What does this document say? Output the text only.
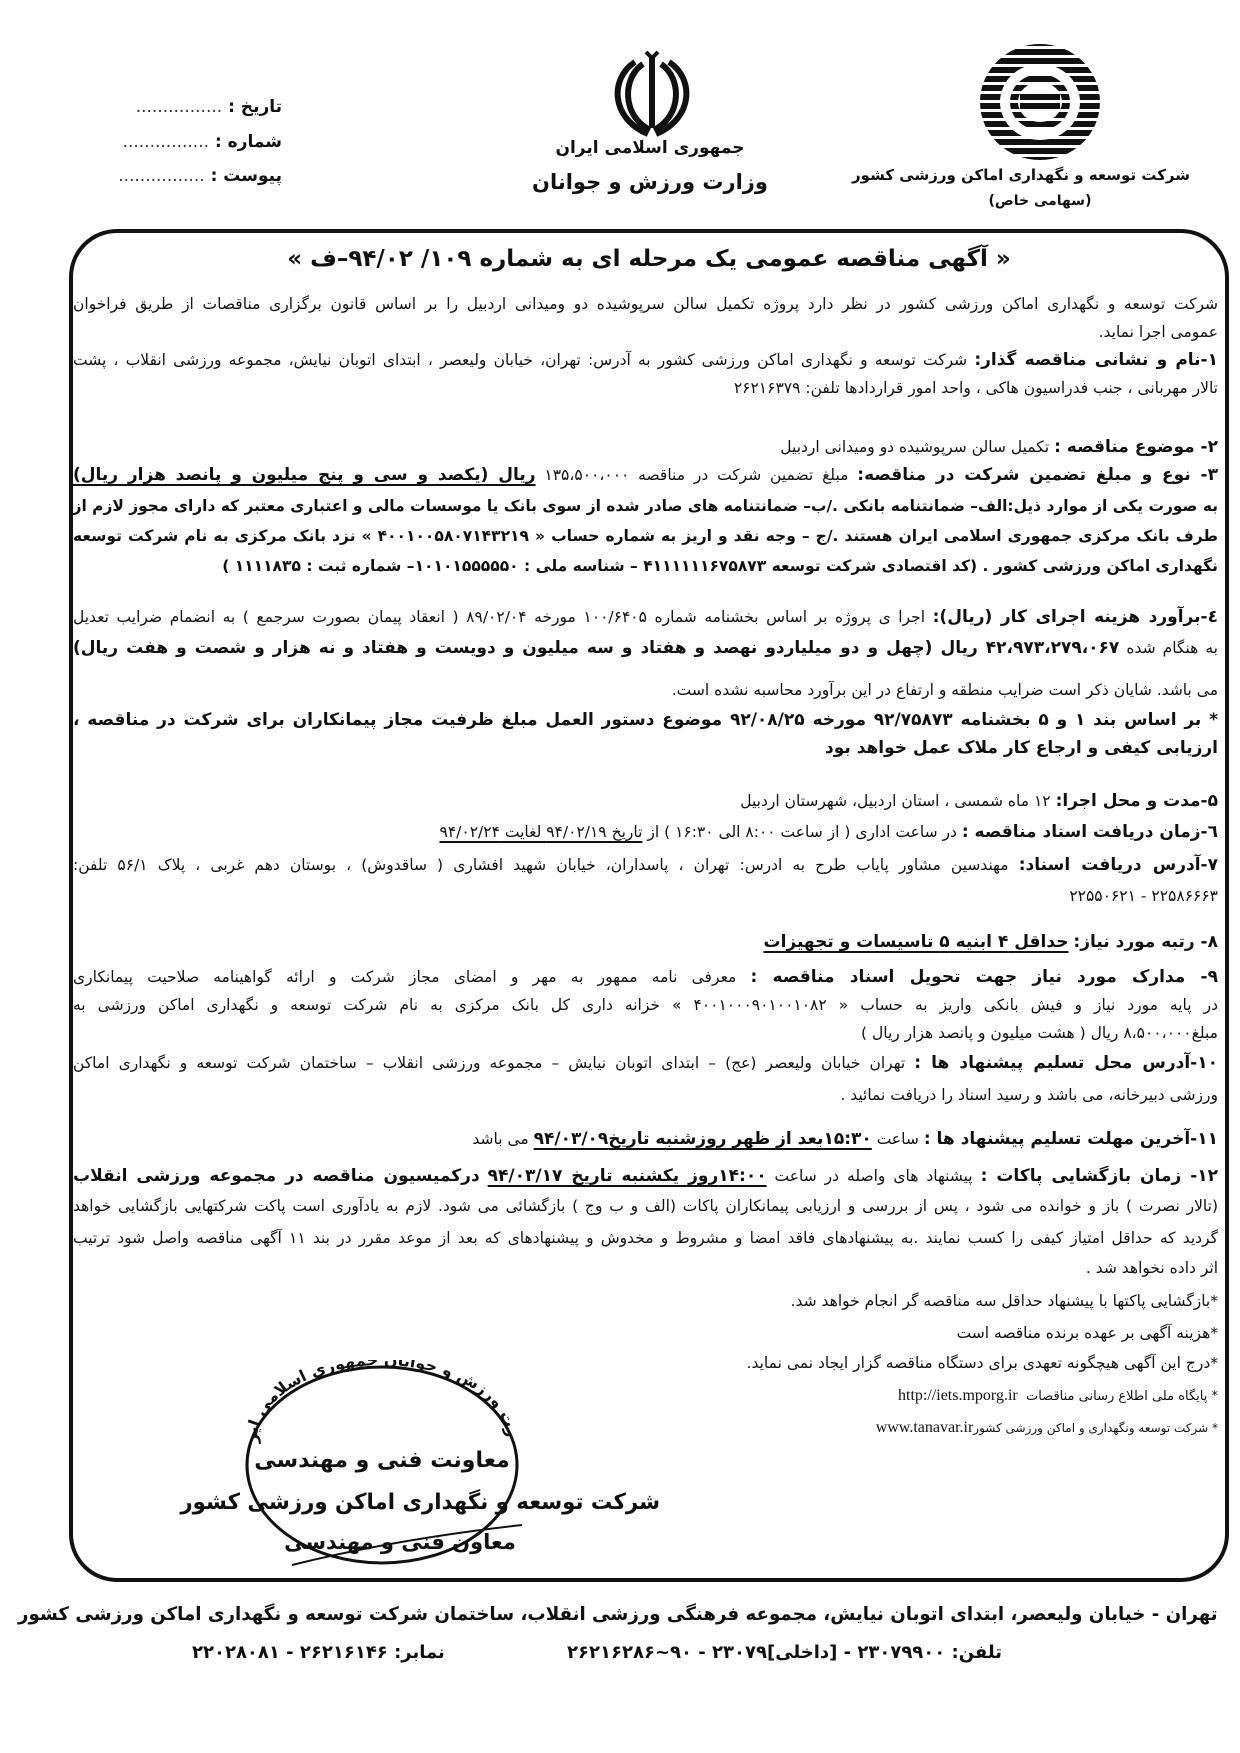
شرکت توسعه و نگهداری اماکن ورزشی کشور
(سهامی خاص)
جمهوری اسلامی ایران
وزارت ورزش و جوانان
تاریخ : ................
شماره : ................
پیوست : ................
« آگهی مناقصه عمومی یک مرحله ای به شماره ۱۰۹/ ۹۴/۰۲–ف »
شرکت توسعه و نگهداری اماکن ورزشی کشور در نظر دارد پروژه تکمیل سالن سرپوشیده دو ومیدانی اردبیل را بر اساس قانون برگزاری مناقصات از طریق فراخوان
عمومی اجرا نماید.
۱-نام و نشانی مناقصه گذار: شرکت توسعه و نگهداری اماکن ورزشی کشور به آدرس: تهران، خیابان ولیعصر ، ابتدای اتوبان نیایش، مجموعه ورزشی انقلاب ، پشت
تالار مهربانی ، جنب فدراسیون هاکی ، واحد امور قراردادها تلفن: ۲۶۲۱۶۳۷۹
۲- موضوع مناقصه : تکمیل سالن سرپوشیده دو ومیدانی اردبیل
۳- نوع و مبلغ تضمین شرکت در مناقصه: مبلغ تضمین شرکت در مناقصه ۱۳۵،۵۰۰،۰۰۰ ریال (یکصد و سی و پنج میلیون و پانصد هزار ریال)
به صورت یکی از موارد ذیل:الف– ضمانتنامه بانکی ./ب– ضمانتنامه های صادر شده از سوی بانک یا موسسات مالی و اعتباری معتبر که دارای مجوز لازم از
طرف بانک مرکزی جمهوری اسلامی ایران هستند ./ج – وجه نقد و اریز به شماره حساب « ۴۰۰۱۰۰۵۸۰۷۱۴۳۲۱۹ » نزد بانک مرکزی به نام شرکت توسعه
نگهداری اماکن ورزشی کشور . (کد اقتصادی شرکت توسعه ۴۱۱۱۱۱۱۶۷۵۸۷۳ – شناسه ملی : ۱۰۱۰۱۵۵۵۵۵۰– شماره ثبت : ۱۱۱۱۸۳۵ )
٤-برآورد هزینه اجرای کار (ریال): اجرا ی پروژه بر اساس بخشنامه شماره ۱۰۰/۶۴۰۵ مورخه ۸۹/۰۲/۰۴ ( انعقاد پیمان بصورت سرجمع ) به انضمام ضرایب تعدیل
به هنگام شده ۴۲،۹۷۳،۲۷۹،۰۶۷ ریال (چهل و دو میلیاردو نهصد و هفتاد و سه میلیون و دویست و هفتاد و نه هزار و شصت و هفت ریال)
می باشد. شایان ذکر است ضرایب منطقه و ارتفاع در این برآورد محاسبه نشده است.
* بر اساس بند ۱ و ۵ بخشنامه ۹۲/۷۵۸۷۳ مورخه ۹۲/۰۸/۲۵ موضوع دستور العمل مبلغ ظرفیت مجاز پیمانکاران برای شرکت در مناقصه ،
ارزیابی کیفی و ارجاع کار ملاک عمل خواهد بود
۵-مدت و محل اجرا: ۱۲ ماه شمسی ، استان اردبیل، شهرستان اردبیل
٦-زمان دریافت اسناد مناقصه : در ساعت اداری ( از ساعت ۸:۰۰ الی ۱۶:۳۰ ) از تاریخ ۹۴/۰۲/۱۹ لغایت ۹۴/۰۲/۲۴
۷-آدرس دریافت اسناد: مهندسین مشاور پایاب طرح به ادرس: تهران ، پاسداران، خیابان شهید افشاری ( ساقدوش) ، بوستان دهم غربی ، پلاک ۵۶/۱ تلفن:
۲۲۵۸۶۶۶۳ - ۲۲۵۵۰۶۲۱
۸- رتبه مورد نیاز: حداقل ۴ ابنیه ۵ تاسیسات و تجهیزات
۹- مدارک مورد نیاز جهت تحویل اسناد مناقصه : معرفی نامه ممهور به مهر و امضای مجاز شرکت و ارائه گواهینامه صلاحیت پیمانکاری
در پایه مورد نیاز و فیش بانکی واریز به حساب « ۴۰۰۱۰۰۰۹۰۱۰۰۱۰۸۲ » خزانه داری کل بانک مرکزی به نام شرکت توسعه و نگهداری اماکن ورزشی به
مبلغ۸،۵۰۰،۰۰۰ ریال ( هشت میلیون و پانصد هزار ریال )
۱۰-آدرس محل تسلیم پیشنهاد ها : تهران خیابان ولیعصر (عج) – ابتدای اتوبان نیایش – مجموعه ورزشی انقلاب – ساختمان شرکت توسعه و نگهداری اماکن
ورزشی دبیرخانه، می باشد و رسید اسناد را دریافت نمائید .
۱۱-آخرین مهلت تسلیم پیشنهاد ها : ساعت ۱۵:۳۰بعد از ظهر روزشنبه تاریخ۹۴/۰۳/۰۹ می باشد
۱۲- زمان بازگشایی پاکات : پیشنهاد های واصله در ساعت ۱۴:۰۰روز یکشنبه تاریخ ۹۴/۰۳/۱۷ درکمیسیون مناقصه در مجموعه ورزشی انقلاب
(تالار نصرت ) باز و خوانده می شود ، پس از بررسی و ارزیابی پیمانکاران پاکات (الف و ب وج ) بازگشائی می شود. لازم به یادآوری است پاکت شرکتهایی بازگشایی خواهد
گردید که حداقل امتیاز کیفی را کسب نمایند .به پیشنهادهای فاقد امضا و مشروط و مخدوش و پیشنهادهای که بعد از موعد مقرر در بند ۱۱ آگهی مناقصه واصل شود ترتیب
اثر داده نخواهد شد .
*بازگشایی پاکتها با پیشنهاد حداقل سه مناقصه گر انجام خواهد شد.
*هزینه آگهی بر عهده برنده مناقصه است
*درج این آگهی هیچگونه تعهدی برای دستگاه مناقصه گزار ایجاد نمی نماید.
* پایگاه ملی اطلاع رسانی مناقصات  http://iets.mporg.ir
* شرکت توسعه ونگهداری و اماکن ورزشی کشورwww.tanavar.ir
رت ورزش و جوانا مهوری اسلامی ایر
معاونت فنی و مهندسی
شرکت توسعه و نگهداری اماکن ورزشی کشور
معاون فنی و مهندسی
تهران - خیابان ولیعصر، ابتدای اتوبان نیایش، مجموعه فرهنگی ورزشی انقلاب، ساختمان شرکت توسعه و نگهداری اماکن ورزشی کشور
تلفن: ۲۳۰۷۹۹۰۰ - [داخلی]۲۳۰۷۹ - ۹۰~۲۶۲۱۶۲۸۶
نمابر: ۲۶۲۱۶۱۴۶ - ۲۲۰۲۸۰۸۱
